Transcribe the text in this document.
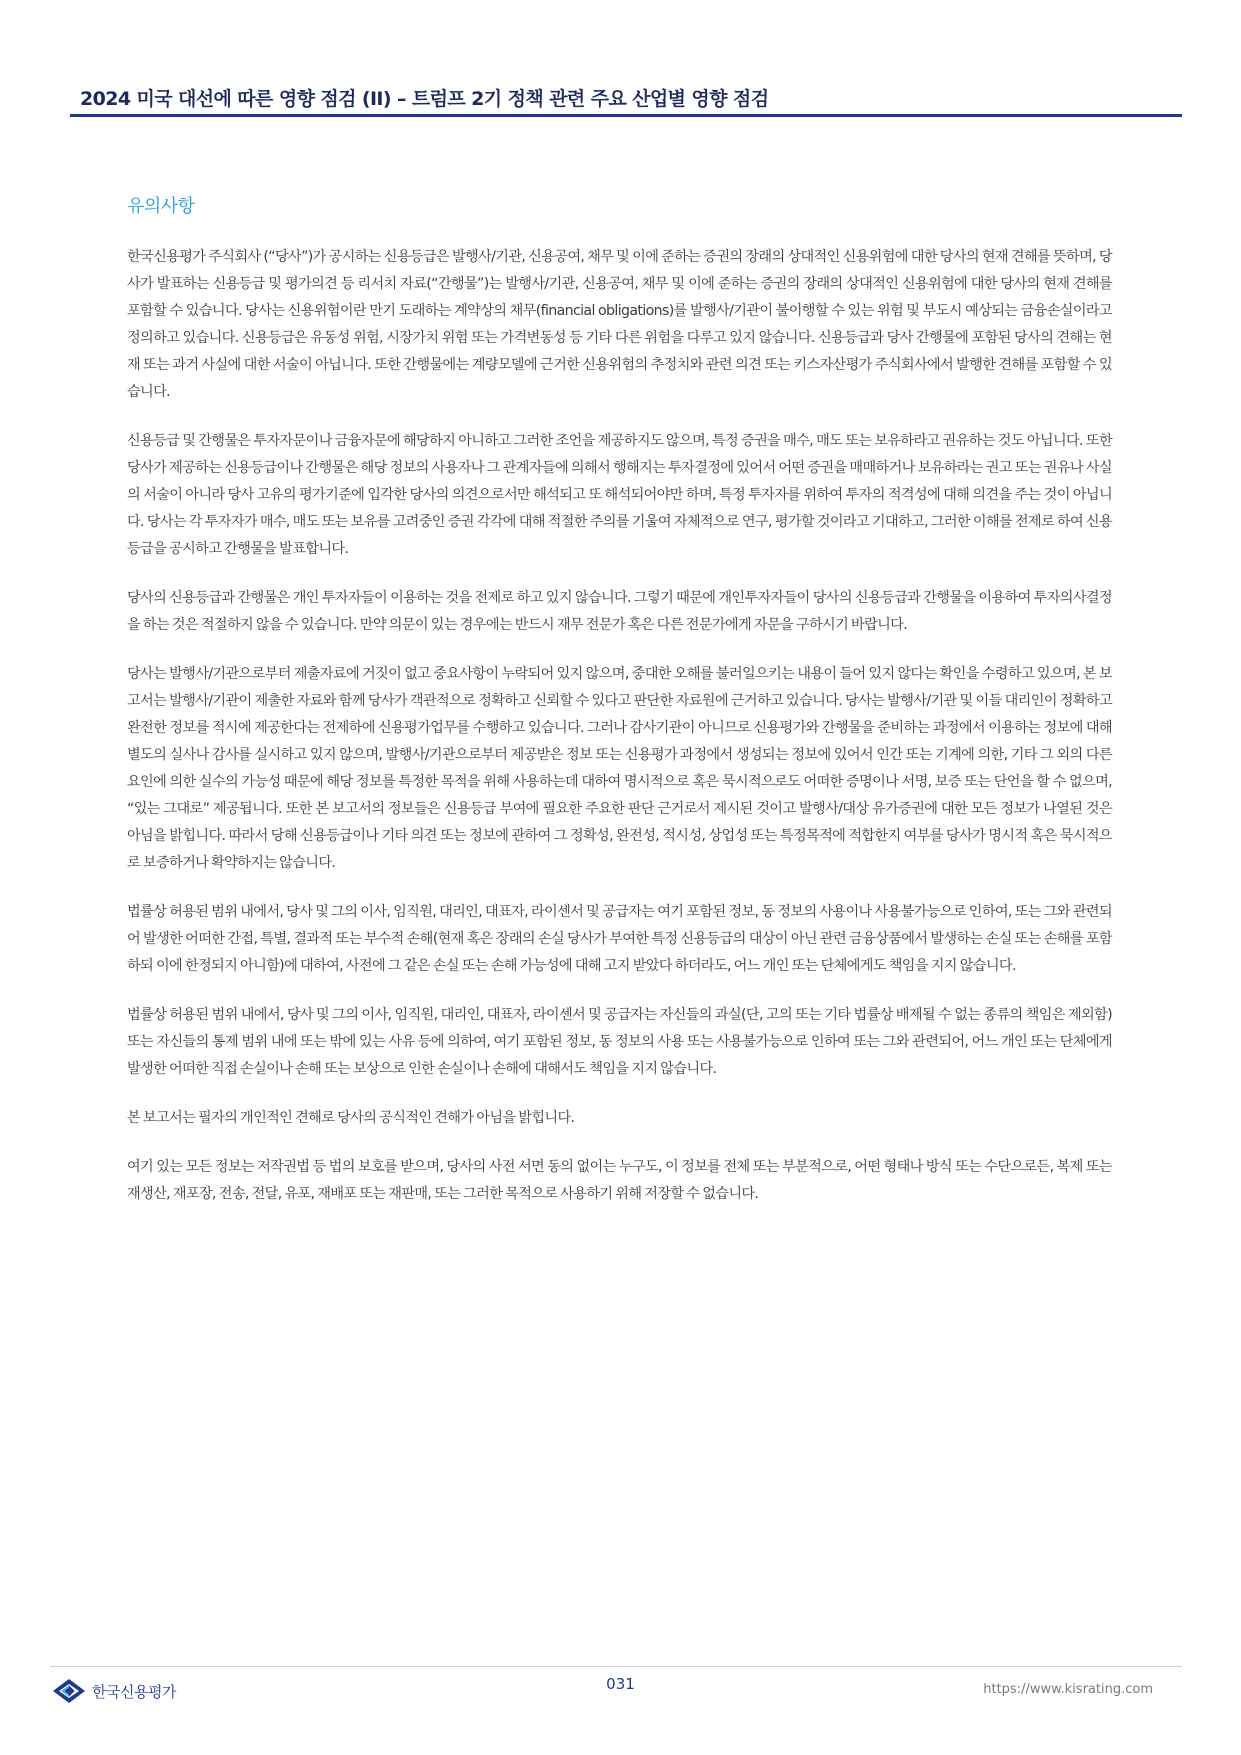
2024 미국 대선에 따른 영향 점검 (II) – 트럼프 2기 정책 관련 주요 산업별 영향 점검
유의사항

한국신용평가 주식회사 (“당사”)가 공시하는 신용등급은 발행사/기관, 신용공여, 채무 및 이에 준하는 증권의 장래의 상대적인 신용위험에 대한 당사의 현재 견해를 뜻하며, 당사가 발표하는 신용등급 및 평가의견 등 리서치 자료(“간행물”)는 발행사/기관, 신용공여, 채무 및 이에 준하는 증권의 장래의 상대적인 신용위험에 대한 당사의 현재 견해를 포함할 수 있습니다. 당사는 신용위험이란 만기 도래하는 계약상의 채무(financial obligations)를 발행사/기관이 불이행할 수 있는 위험 및 부도시 예상되는 금융손실이라고 정의하고 있습니다. 신용등급은 유동성 위험, 시장가치 위험 또는 가격변동성 등 기타 다른 위험을 다루고 있지 않습니다. 신용등급과 당사 간행물에 포함된 당사의 견해는 현재 또는 과거 사실에 대한 서술이 아닙니다. 또한 간행물에는 계량모델에 근거한 신용위험의 추정치와 관련 의견 또는 키스자산평가 주식회사에서 발행한 견해를 포함할 수 있습니다.

신용등급 및 간행물은 투자자문이나 금융자문에 해당하지 아니하고 그러한 조언을 제공하지도 않으며, 특정 증권을 매수, 매도 또는 보유하라고 권유하는 것도 아닙니다. 또한 당사가 제공하는 신용등급이나 간행물은 해당 정보의 사용자나 그 관계자들에 의해서 행해지는 투자결정에 있어서 어떤 증권을 매매하거나 보유하라는 권고 또는 권유나 사실의 서술이 아니라 당사 고유의 평가기준에 입각한 당사의 의견으로서만 해석되고 또 해석되어야만 하며, 특정 투자자를 위하여 투자의 적격성에 대해 의견을 주는 것이 아닙니다. 당사는 각 투자자가 매수, 매도 또는 보유를 고려중인 증권 각각에 대해 적절한 주의를 기울여 자체적으로 연구, 평가할 것이라고 기대하고, 그러한 이해를 전제로 하여 신용등급을 공시하고 간행물을 발표합니다.

당사의 신용등급과 간행물은 개인 투자자들이 이용하는 것을 전제로 하고 있지 않습니다. 그렇기 때문에 개인투자자들이 당사의 신용등급과 간행물을 이용하여 투자의사결정을 하는 것은 적절하지 않을 수 있습니다. 만약 의문이 있는 경우에는 반드시 재무 전문가 혹은 다른 전문가에게 자문을 구하시기 바랍니다.

당사는 발행사/기관으로부터 제출자료에 거짓이 없고 중요사항이 누락되어 있지 않으며, 중대한 오해를 불러일으키는 내용이 들어 있지 않다는 확인을 수령하고 있으며, 본 보고서는 발행사/기관이 제출한 자료와 함께 당사가 객관적으로 정확하고 신뢰할 수 있다고 판단한 자료원에 근거하고 있습니다. 당사는 발행사/기관 및 이들 대리인이 정확하고 완전한 정보를 적시에 제공한다는 전제하에 신용평가업무를 수행하고 있습니다. 그러나 감사기관이 아니므로 신용평가와 간행물을 준비하는 과정에서 이용하는 정보에 대해 별도의 실사나 감사를 실시하고 있지 않으며, 발행사/기관으로부터 제공받은 정보 또는 신용평가 과정에서 생성되는 정보에 있어서 인간 또는 기계에 의한, 기타 그 외의 다른 요인에 의한 실수의 가능성 때문에 해당 정보를 특정한 목적을 위해 사용하는데 대하여 명시적으로 혹은 묵시적으로도 어떠한 증명이나 서명, 보증 또는 단언을 할 수 없으며, “있는 그대로” 제공됩니다. 또한 본 보고서의 정보들은 신용등급 부여에 필요한 주요한 판단 근거로서 제시된 것이고 발행사/대상 유가증권에 대한 모든 정보가 나열된 것은 아님을 밝힙니다. 따라서 당해 신용등급이나 기타 의견 또는 정보에 관하여 그 정확성, 완전성, 적시성, 상업성 또는 특정목적에 적합한지 여부를 당사가 명시적 혹은 묵시적으로 보증하거나 확약하지는 않습니다.

법률상 허용된 범위 내에서, 당사 및 그의 이사, 임직원, 대리인, 대표자, 라이센서 및 공급자는 여기 포함된 정보, 동 정보의 사용이나 사용불가능으로 인하여, 또는 그와 관련되어 발생한 어떠한 간접, 특별, 결과적 또는 부수적 손해(현재 혹은 장래의 손실 당사가 부여한 특정 신용등급의 대상이 아닌 관련 금융상품에서 발생하는 손실 또는 손해를 포함하되 이에 한정되지 아니함)에 대하여, 사전에 그 같은 손실 또는 손해 가능성에 대해 고지 받았다 하더라도, 어느 개인 또는 단체에게도 책임을 지지 않습니다.

법률상 허용된 범위 내에서, 당사 및 그의 이사, 임직원, 대리인, 대표자, 라이센서 및 공급자는 자신들의 과실(단, 고의 또는 기타 법률상 배제될 수 없는 종류의 책임은 제외함) 또는 자신들의 통제 범위 내에 또는 밖에 있는 사유 등에 의하여, 여기 포함된 정보, 동 정보의 사용 또는 사용불가능으로 인하여 또는 그와 관련되어, 어느 개인 또는 단체에게 발생한 어떠한 직접 손실이나 손해 또는 보상으로 인한 손실이나 손해에 대해서도 책임을 지지 않습니다.

본 보고서는 필자의 개인적인 견해로 당사의 공식적인 견해가 아님을 밝힙니다.

여기 있는 모든 정보는 저작권법 등 법의 보호를 받으며, 당사의 사전 서면 동의 없이는 누구도, 이 정보를 전체 또는 부분적으로, 어떤 형태나 방식 또는 수단으로든, 복제 또는 재생산, 재포장, 전송, 전달, 유포, 재배포 또는 재판매, 또는 그러한 목적으로 사용하기 위해 저장할 수 없습니다.

한국신용평가	031	https://www.kisrating.com
